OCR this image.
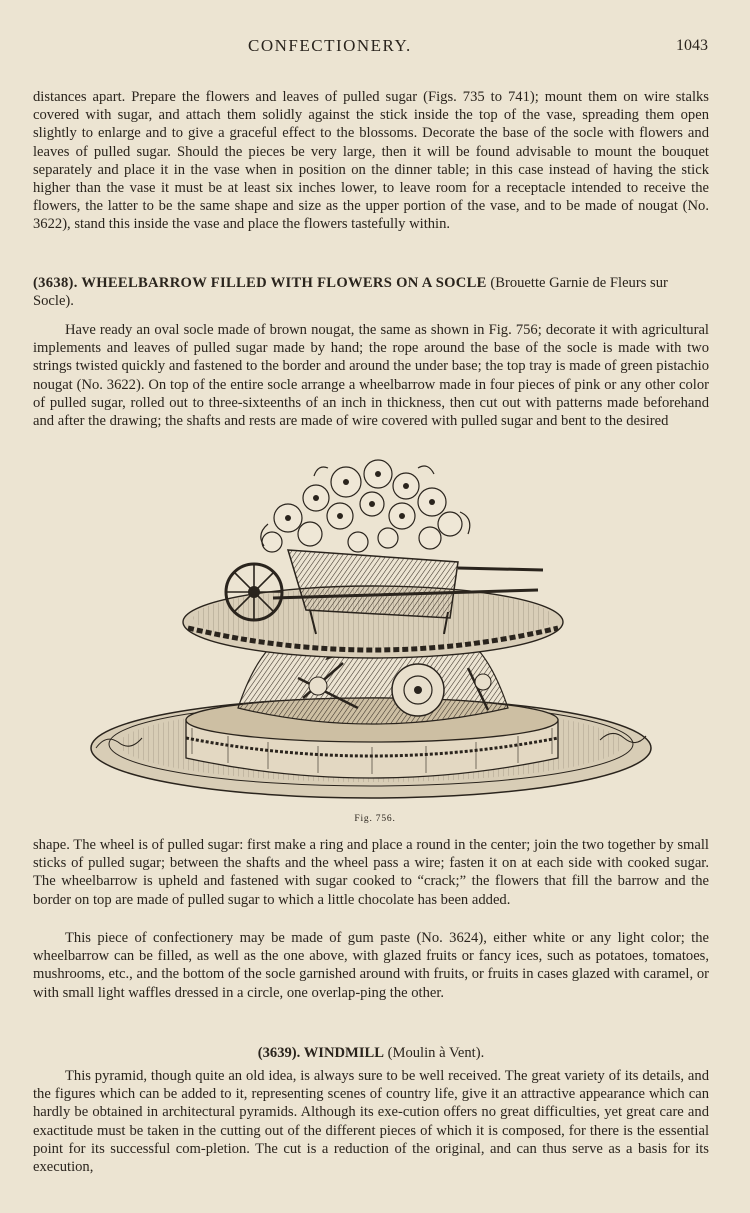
CONFECTIONERY.	1043

distances apart. Prepare the flowers and leaves of pulled sugar (Figs. 735 to 741); mount them on wire stalks covered with sugar, and attach them solidly against the stick inside the top of the vase, spreading them open slightly to enlarge and to give a graceful effect to the blossoms. Decorate the base of the socle with flowers and leaves of pulled sugar. Should the pieces be very large, then it will be found advisable to mount the bouquet separately and place it in the vase when in position on the dinner table; in this case instead of having the stick higher than the vase it must be at least six inches lower, to leave room for a receptacle intended to receive the flowers, the latter to be the same shape and size as the upper portion of the vase, and to be made of nougat (No. 3622), stand this inside the vase and place the flowers tastefully within.

(3638). WHEELBARROW FILLED WITH FLOWERS ON A SOCLE (Brouette Garnie de Fleurs sur Socle).

Have ready an oval socle made of brown nougat, the same as shown in Fig. 756; decorate it with agricultural implements and leaves of pulled sugar made by hand; the rope around the base of the socle is made with two strings twisted quickly and fastened to the border and around the under base; the top tray is made of green pistachio nougat (No. 3622). On top of the entire socle arrange a wheelbarrow made in four pieces of pink or any other color of pulled sugar, rolled out to three-sixteenths of an inch in thickness, then cut out with patterns made beforehand and after the drawing; the shafts and rests are made of wire covered with pulled sugar and bent to the desired

Fig. 756.

shape. The wheel is of pulled sugar: first make a ring and place a round in the center; join the two together by small sticks of pulled sugar; between the shafts and the wheel pass a wire; fasten it on at each side with cooked sugar. The wheelbarrow is upheld and fastened with sugar cooked to “crack;” the flowers that fill the barrow and the border on top are made of pulled sugar to which a little chocolate has been added.

This piece of confectionery may be made of gum paste (No. 3624), either white or any light color; the wheelbarrow can be filled, as well as the one above, with glazed fruits or fancy ices, such as potatoes, tomatoes, mushrooms, etc., and the bottom of the socle garnished around with fruits, or fruits in cases glazed with caramel, or with small light waffles dressed in a circle, one overlap-ping the other.

(3639). WINDMILL (Moulin à Vent).

This pyramid, though quite an old idea, is always sure to be well received. The great variety of its details, and the figures which can be added to it, representing scenes of country life, give it an attractive appearance which can hardly be obtained in architectural pyramids. Although its exe-cution offers no great difficulties, yet great care and exactitude must be taken in the cutting out of the different pieces of which it is composed, for there is the essential point for its successful com-pletion. The cut is a reduction of the original, and can thus serve as a basis for its execution,
